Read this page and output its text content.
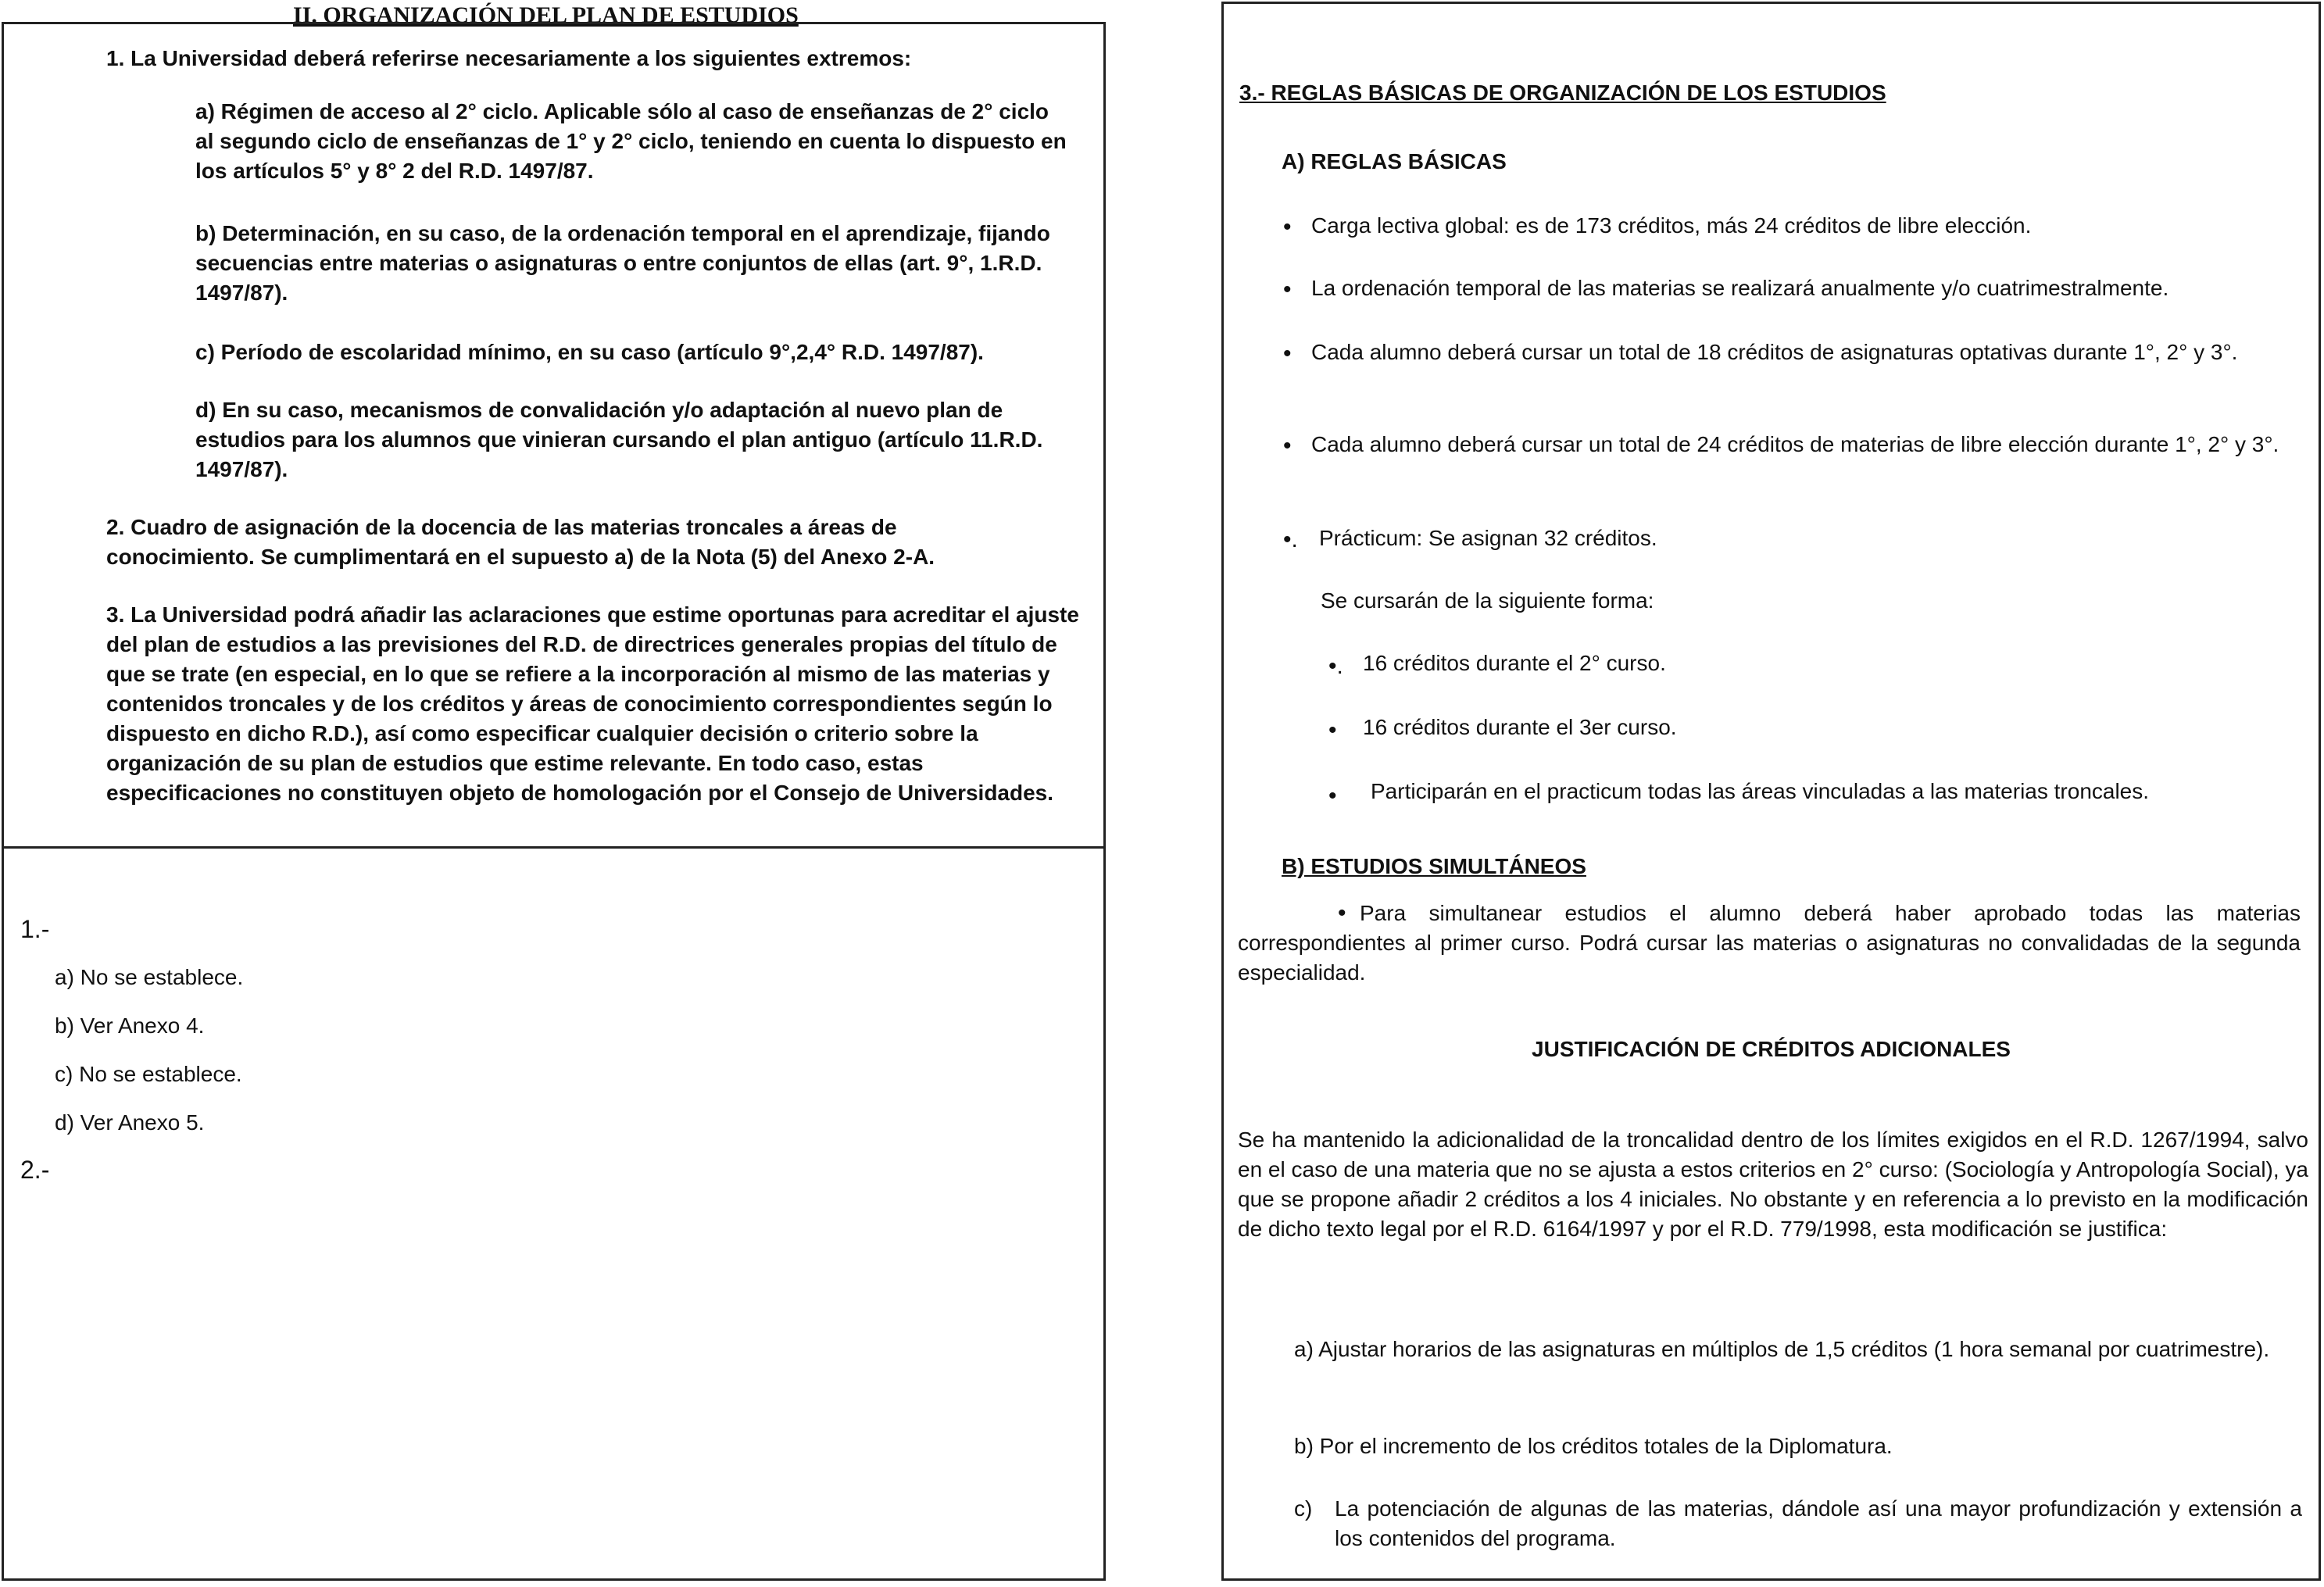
II. ORGANIZACIÓN DEL PLAN DE ESTUDIOS

1. La Universidad deberá referirse necesariamente a los siguientes extremos:

a) Régimen de acceso al 2° ciclo. Aplicable sólo al caso de enseñanzas de 2° ciclo al segundo ciclo de enseñanzas de 1° y 2° ciclo, teniendo en cuenta lo dispuesto en los artículos 5° y 8° 2 del R.D. 1497/87.

b) Determinación, en su caso, de la ordenación temporal en el aprendizaje, fijando secuencias entre materias o asignaturas o entre conjuntos de ellas (art. 9°, 1.R.D. 1497/87).

c) Período de escolaridad mínimo, en su caso (artículo 9°,2,4° R.D. 1497/87).

d) En su caso, mecanismos de convalidación y/o adaptación al nuevo plan de estudios para los alumnos que vinieran cursando el plan antiguo (artículo 11.R.D. 1497/87).

2. Cuadro de asignación de la docencia de las materias troncales a áreas de conocimiento. Se cumplimentará en el supuesto a) de la Nota (5) del Anexo 2-A.

3. La Universidad podrá añadir las aclaraciones que estime oportunas para acreditar el ajuste del plan de estudios a las previsiones del R.D. de directrices generales propias del título de que se trate (en especial, en lo que se refiere a la incorporación al mismo de las materias y contenidos troncales y de los créditos y áreas de conocimiento correspondientes según lo dispuesto en dicho R.D.), así como especificar cualquier decisión o criterio sobre la organización de su plan de estudios que estime relevante. En todo caso, estas especificaciones no constituyen objeto de homologación por el Consejo de Universidades.

1.-

a) No se establece.

b) Ver Anexo 4.

c) No se establece.

d) Ver Anexo 5.

2.-

3.- REGLAS BÁSICAS DE ORGANIZACIÓN DE LOS ESTUDIOS

A) REGLAS BÁSICAS

• Carga lectiva global: es de 173 créditos, más 24 créditos de libre elección.

• La ordenación temporal de las materias se realizará anualmente y/o cuatrimestralmente.

• Cada alumno deberá cursar un total de 18 créditos de asignaturas optativas durante 1°, 2° y 3°.

• Cada alumno deberá cursar un total de 24 créditos de materias de libre elección durante 1°, 2° y 3°.

•. Prácticum: Se asignan 32 créditos.

Se cursarán de la siguiente forma:

•. 16 créditos durante el 2° curso.

• 16 créditos durante el 3er curso.

• Participarán en el practicum todas las áreas vinculadas a las materias troncales.

B) ESTUDIOS SIMULTÁNEOS

• Para simultanear estudios el alumno deberá haber aprobado todas las materias correspondientes al primer curso. Podrá cursar las materias o asignaturas no convalidadas de la segunda especialidad.

JUSTIFICACIÓN DE CRÉDITOS ADICIONALES

Se ha mantenido la adicionalidad de la troncalidad dentro de los límites exigidos en el R.D. 1267/1994, salvo en el caso de una materia que no se ajusta a estos criterios en 2° curso: (Sociología y Antropología Social), ya que se propone añadir 2 créditos a los 4 iniciales. No obstante y en referencia a lo previsto en la modificación de dicho texto legal por el R.D. 6164/1997 y por el R.D. 779/1998, esta modificación se justifica:

a) Ajustar horarios de las asignaturas en múltiplos de 1,5 créditos (1 hora semanal por cuatrimestre).

b) Por el incremento de los créditos totales de la Diplomatura.

c) La potenciación de algunas de las materias, dándole así una mayor profundización y extensión a los contenidos del programa.
